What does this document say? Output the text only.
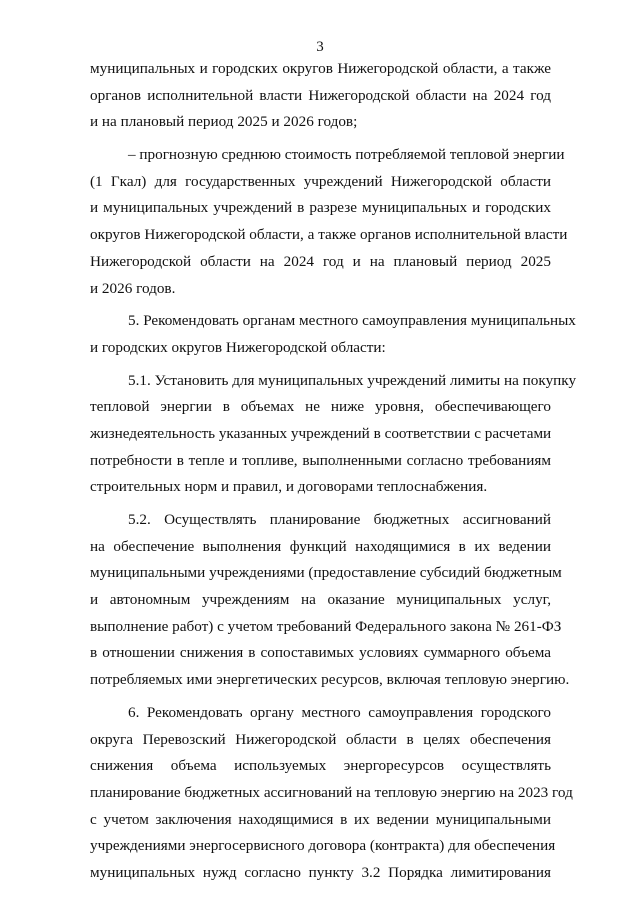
3
муниципальных и городских округов Нижегородской области, а также
органов исполнительной власти Нижегородской области на 2024 год
и на плановый период 2025 и 2026 годов;
– прогнозную среднюю стоимость потребляемой тепловой энергии
(1 Гкал) для государственных учреждений Нижегородской области
и муниципальных учреждений в разрезе муниципальных и городских
округов Нижегородской области, а также органов исполнительной власти
Нижегородской области на 2024 год и на плановый период 2025
и 2026 годов.
5. Рекомендовать органам местного самоуправления муниципальных
и городских округов Нижегородской области:
5.1. Установить для муниципальных учреждений лимиты на покупку
тепловой энергии в объемах не ниже уровня, обеспечивающего
жизнедеятельность указанных учреждений в соответствии с расчетами
потребности в тепле и топливе, выполненными согласно требованиям
строительных норм и правил, и договорами теплоснабжения.
5.2. Осуществлять планирование бюджетных ассигнований
на обеспечение выполнения функций находящимися в их ведении
муниципальными учреждениями (предоставление субсидий бюджетным
и автономным учреждениям на оказание муниципальных услуг,
выполнение работ) с учетом требований Федерального закона № 261-ФЗ
в отношении снижения в сопоставимых условиях суммарного объема
потребляемых ими энергетических ресурсов, включая тепловую энергию.
6. Рекомендовать органу местного самоуправления городского
округа Перевозский Нижегородской области в целях обеспечения
снижения объема используемых энергоресурсов осуществлять
планирование бюджетных ассигнований на тепловую энергию на 2023 год
с учетом заключения находящимися в их ведении муниципальными
учреждениями энергосервисного договора (контракта) для обеспечения
муниципальных нужд согласно пункту 3.2 Порядка лимитирования
